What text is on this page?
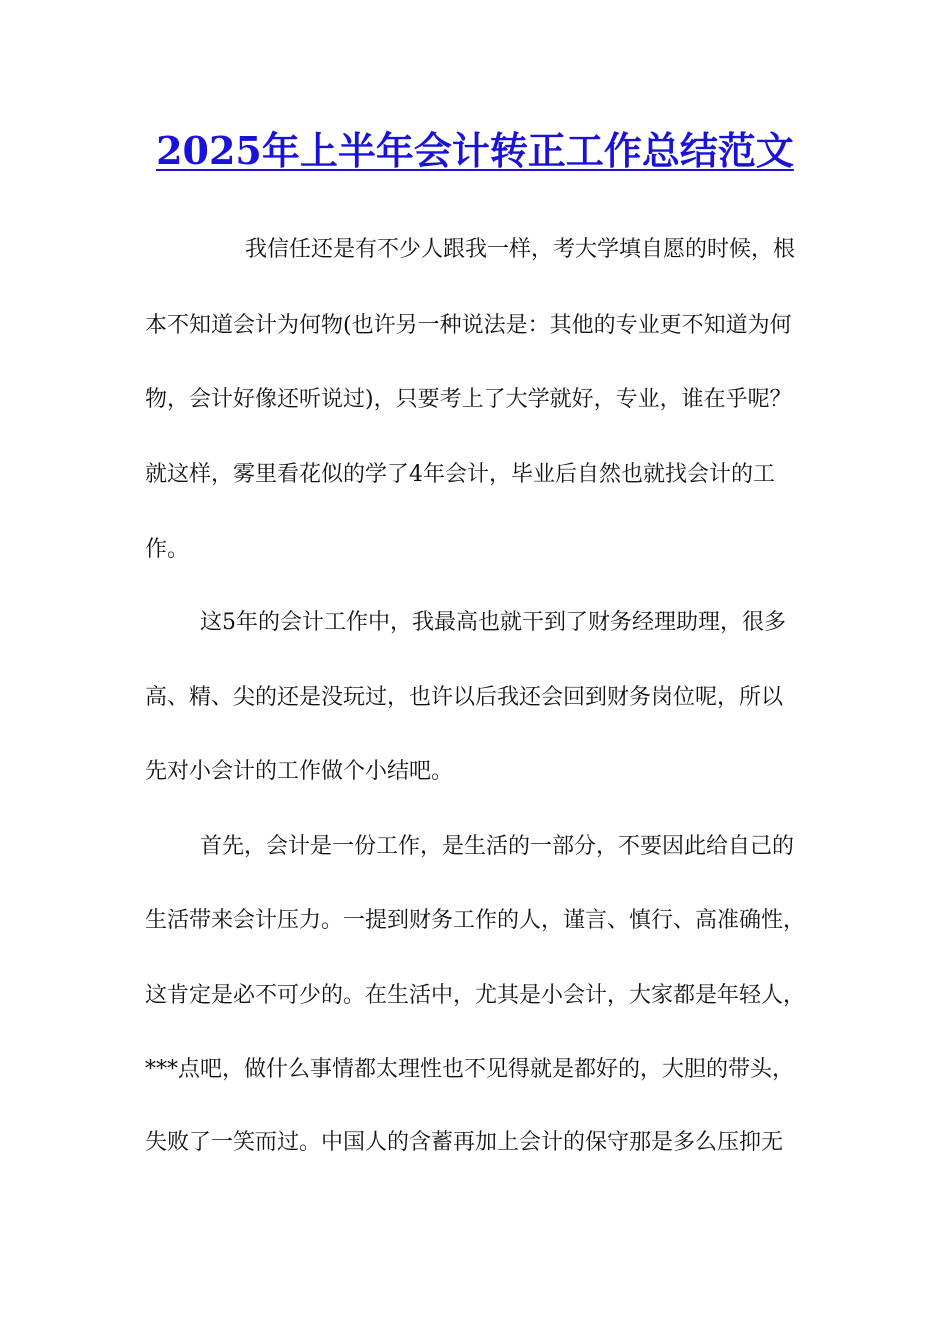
2025年上半年会计转正工作总结范文
我信任还是有不少人跟我一样，考大学填自愿的时候，根
本不知道会计为何物(也许另一种说法是：其他的专业更不知道为何
物，会计好像还听说过)，只要考上了大学就好，专业，谁在乎呢？
就这样，雾里看花似的学了4年会计，毕业后自然也就找会计的工
作。
这5年的会计工作中，我最高也就干到了财务经理助理，很多
高、精、尖的还是没玩过，也许以后我还会回到财务岗位呢，所以
先对小会计的工作做个小结吧。
首先，会计是一份工作，是生活的一部分，不要因此给自己的
生活带来会计压力。一提到财务工作的人，谨言、慎行、高准确性，
这肯定是必不可少的。在生活中，尤其是小会计，大家都是年轻人，
***点吧，做什么事情都太理性也不见得就是都好的，大胆的带头，
失败了一笑而过。中国人的含蓄再加上会计的保守那是多么压抑无
